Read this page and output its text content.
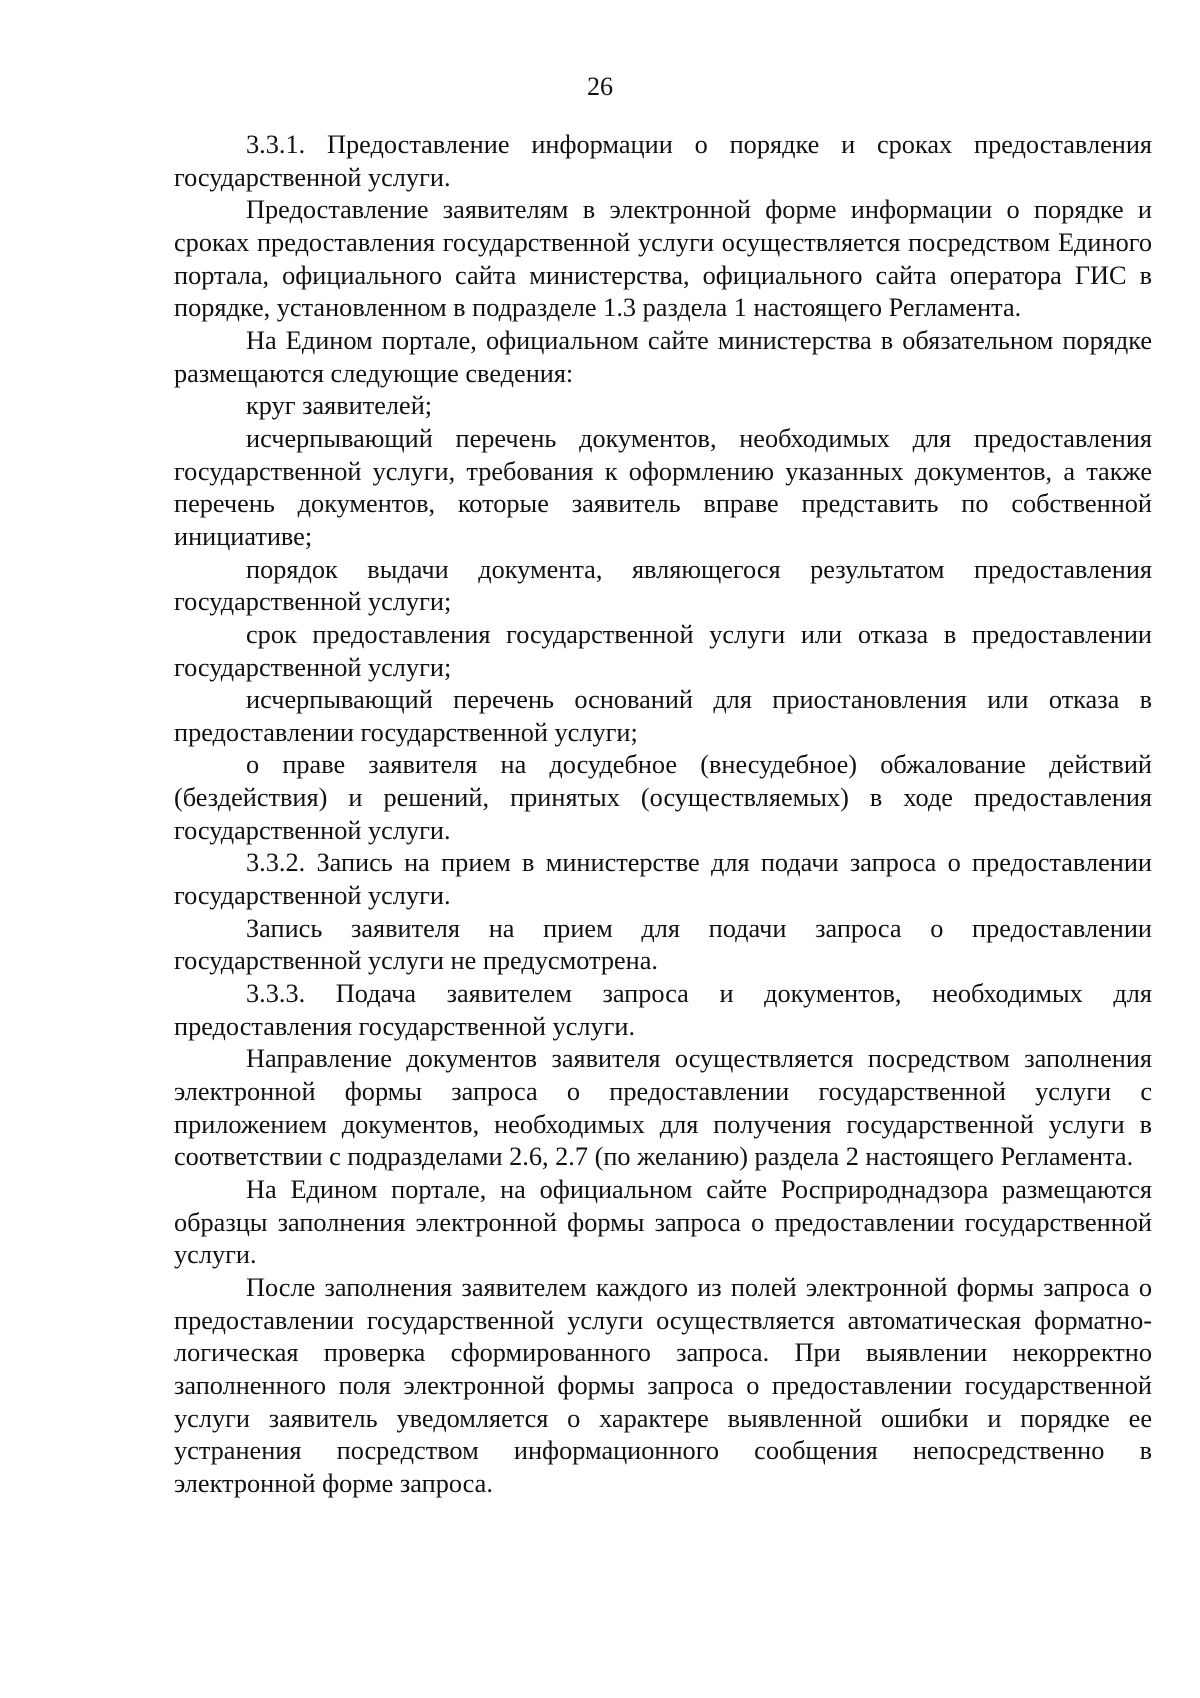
26

3.3.1. Предоставление информации о порядке и сроках предоставления государственной услуги.

Предоставление заявителям в электронной форме информации о порядке и сроках предоставления государственной услуги осуществляется посредством Единого портала, официального сайта министерства, официального сайта оператора ГИС в порядке, установленном в подразделе 1.3 раздела 1 настоящего Регламента.

На Едином портале, официальном сайте министерства в обязательном порядке размещаются следующие сведения:

круг заявителей;

исчерпывающий перечень документов, необходимых для предоставления государственной услуги, требования к оформлению указанных документов, а также перечень документов, которые заявитель вправе представить по собственной инициативе;

порядок выдачи документа, являющегося результатом предоставления государственной услуги;

срок предоставления государственной услуги или отказа в предоставлении государственной услуги;

исчерпывающий перечень оснований для приостановления или отказа в предоставлении государственной услуги;

о праве заявителя на досудебное (внесудебное) обжалование действий (бездействия) и решений, принятых (осуществляемых) в ходе предоставления государственной услуги.

3.3.2. Запись на прием в министерстве для подачи запроса о предоставлении государственной услуги.

Запись заявителя на прием для подачи запроса о предоставлении государственной услуги не предусмотрена.

3.3.3. Подача заявителем запроса и документов, необходимых для предоставления государственной услуги.

Направление документов заявителя осуществляется посредством заполнения электронной формы запроса о предоставлении государственной услуги с приложением документов, необходимых для получения государственной услуги в соответствии с подразделами 2.6, 2.7 (по желанию) раздела 2 настоящего Регламента.

На Едином портале, на официальном сайте Росприроднадзора размещаются образцы заполнения электронной формы запроса о предоставлении государственной услуги.

После заполнения заявителем каждого из полей электронной формы запроса о предоставлении государственной услуги осуществляется автоматическая форматно-логическая проверка сформированного запроса. При выявлении некорректно заполненного поля электронной формы запроса о предоставлении государственной услуги заявитель уведомляется о характере выявленной ошибки и порядке ее устранения посредством информационного сообщения непосредственно в электронной форме запроса.
